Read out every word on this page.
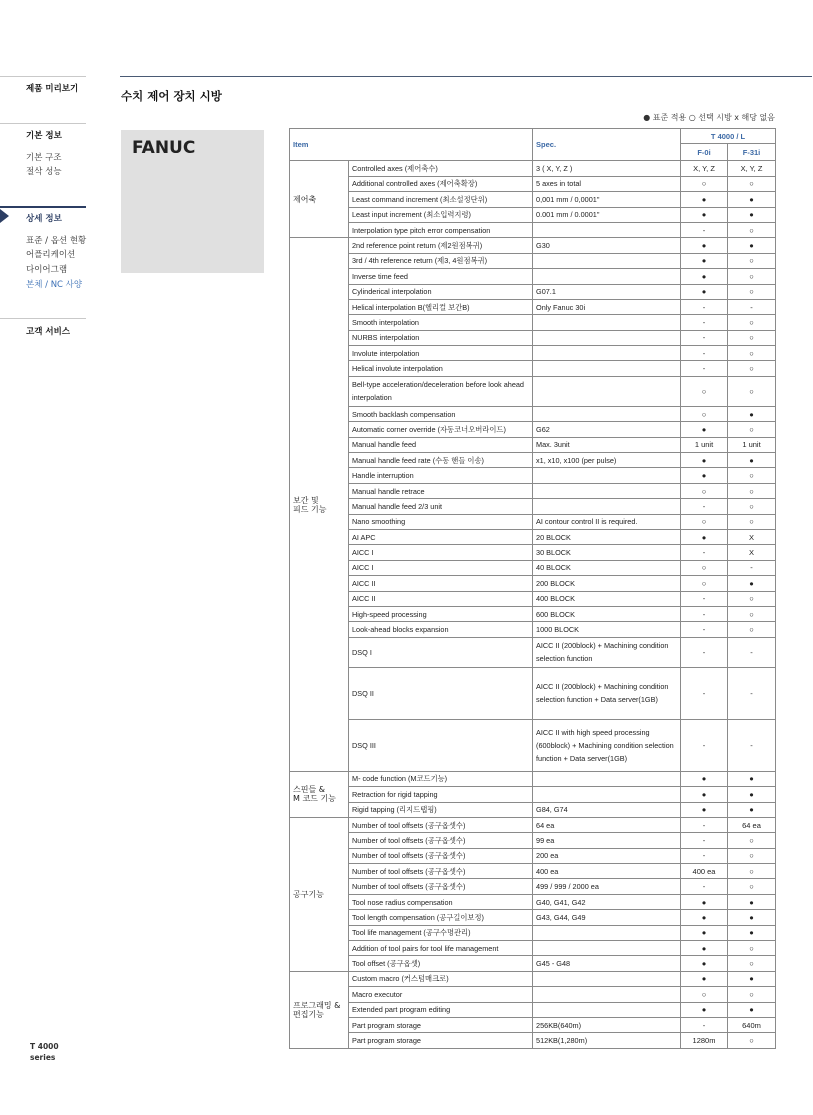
제품 미리보기
기본 정보
기본 구조
절삭 성능
상세 정보
표준 / 옵션 현황
어플리케이션
다이어그램
본체 / NC 사양
고객 서비스
T 4000
series
수치 제어 장치 시방
● 표준 적용 ○ 선택 시방 x 해당 없음
FANUC	Item		Spec.	T 4000 / L	
			F-0i	F-31i
제어축	Controlled axes (제어축수)	3 ( X, Y, Z )	X, Y, Z	X, Y, Z
	Additional controlled axes (제어축확장)	5 axes in total	○	○
	Least command increment (최소설정단위)	0,001 mm / 0,0001"	●	●
	Least input increment (최소입력지령)	0.001 mm / 0.0001"	●	●
	Interpolation type pitch error compensation		-	○
보간 및
피드 기능	2nd reference point return (제2원점복귀)	G30	●	●
	3rd / 4th reference return (제3, 4원점복귀)		●	○
	Inverse time feed		●	○
	Cylinderical interpolation	G07.1	●	○
	Helical interpolation B(헬리컬 보간B)	Only Fanuc 30i	-	-
	Smooth interpolation		-	○
	NURBS interpolation		-	○
	Involute interpolation		-	○
	Helical involute interpolation		-	○
	Bell-type acceleration/deceleration before look ahead interpolation		○	○
	Smooth backlash compensation		○	●
	Automatic corner override (자동코너오버라이드)	G62	●	○
	Manual handle feed	Max. 3unit	1 unit	1 unit
	Manual handle feed rate (수동 핸들 이송)	x1, x10, x100 (per pulse)	●	●
	Handle interruption		●	○
	Manual handle retrace		○	○
	Manual handle feed 2/3 unit		-	○
	Nano smoothing	AI contour control II is required.	○	○
	AI APC	20 BLOCK	●	X
	AICC I	30 BLOCK	-	X
	AICC I	40 BLOCK	○	-
	AICC II	200 BLOCK	○	●
	AICC II	400 BLOCK	-	○
	High-speed processing	600 BLOCK	-	○
	Look-ahead blocks expansion	1000 BLOCK	-	○
	DSQ I	AICC II (200block) + Machining condition selection function	-	-
	DSQ II	AICC II (200block) + Machining condition selection function + Data server(1GB)	-	-
	DSQ III	AICC II with high speed processing (600block) + Machining condition selection function + Data server(1GB)	-	-
스핀들 &
M 코드 기능	M- code function (M코드기능)		●	●
	Retraction for rigid tapping		●	●
	Rigid tapping (리지드탭핑)	G84, G74	●	●
공구기능	Number of tool offsets (공구옵셋수)	64 ea	-	64 ea
	Number of tool offsets (공구옵셋수)	99 ea	-	○
	Number of tool offsets (공구옵셋수)	200 ea	-	○
	Number of tool offsets (공구옵셋수)	400 ea	400 ea	○
	Number of tool offsets (공구옵셋수)	499 / 999 / 2000 ea	-	○
	Tool nose radius compensation	G40, G41, G42	●	●
	Tool length compensation (공구길이보정)	G43, G44, G49	●	●
	Tool life management (공구수명관리)		●	●
	Addition of tool pairs for tool life management		●	○
	Tool offset (공구옵셋)	G45 - G48	●	○
프로그래밍 &
편집기능	Custom macro (커스텀매크로)		●	●
	Macro executor		○	○
	Extended part program editing		●	●
	Part program storage	256KB(640m)	-	640m
	Part program storage	512KB(1,280m)	1280m	○
